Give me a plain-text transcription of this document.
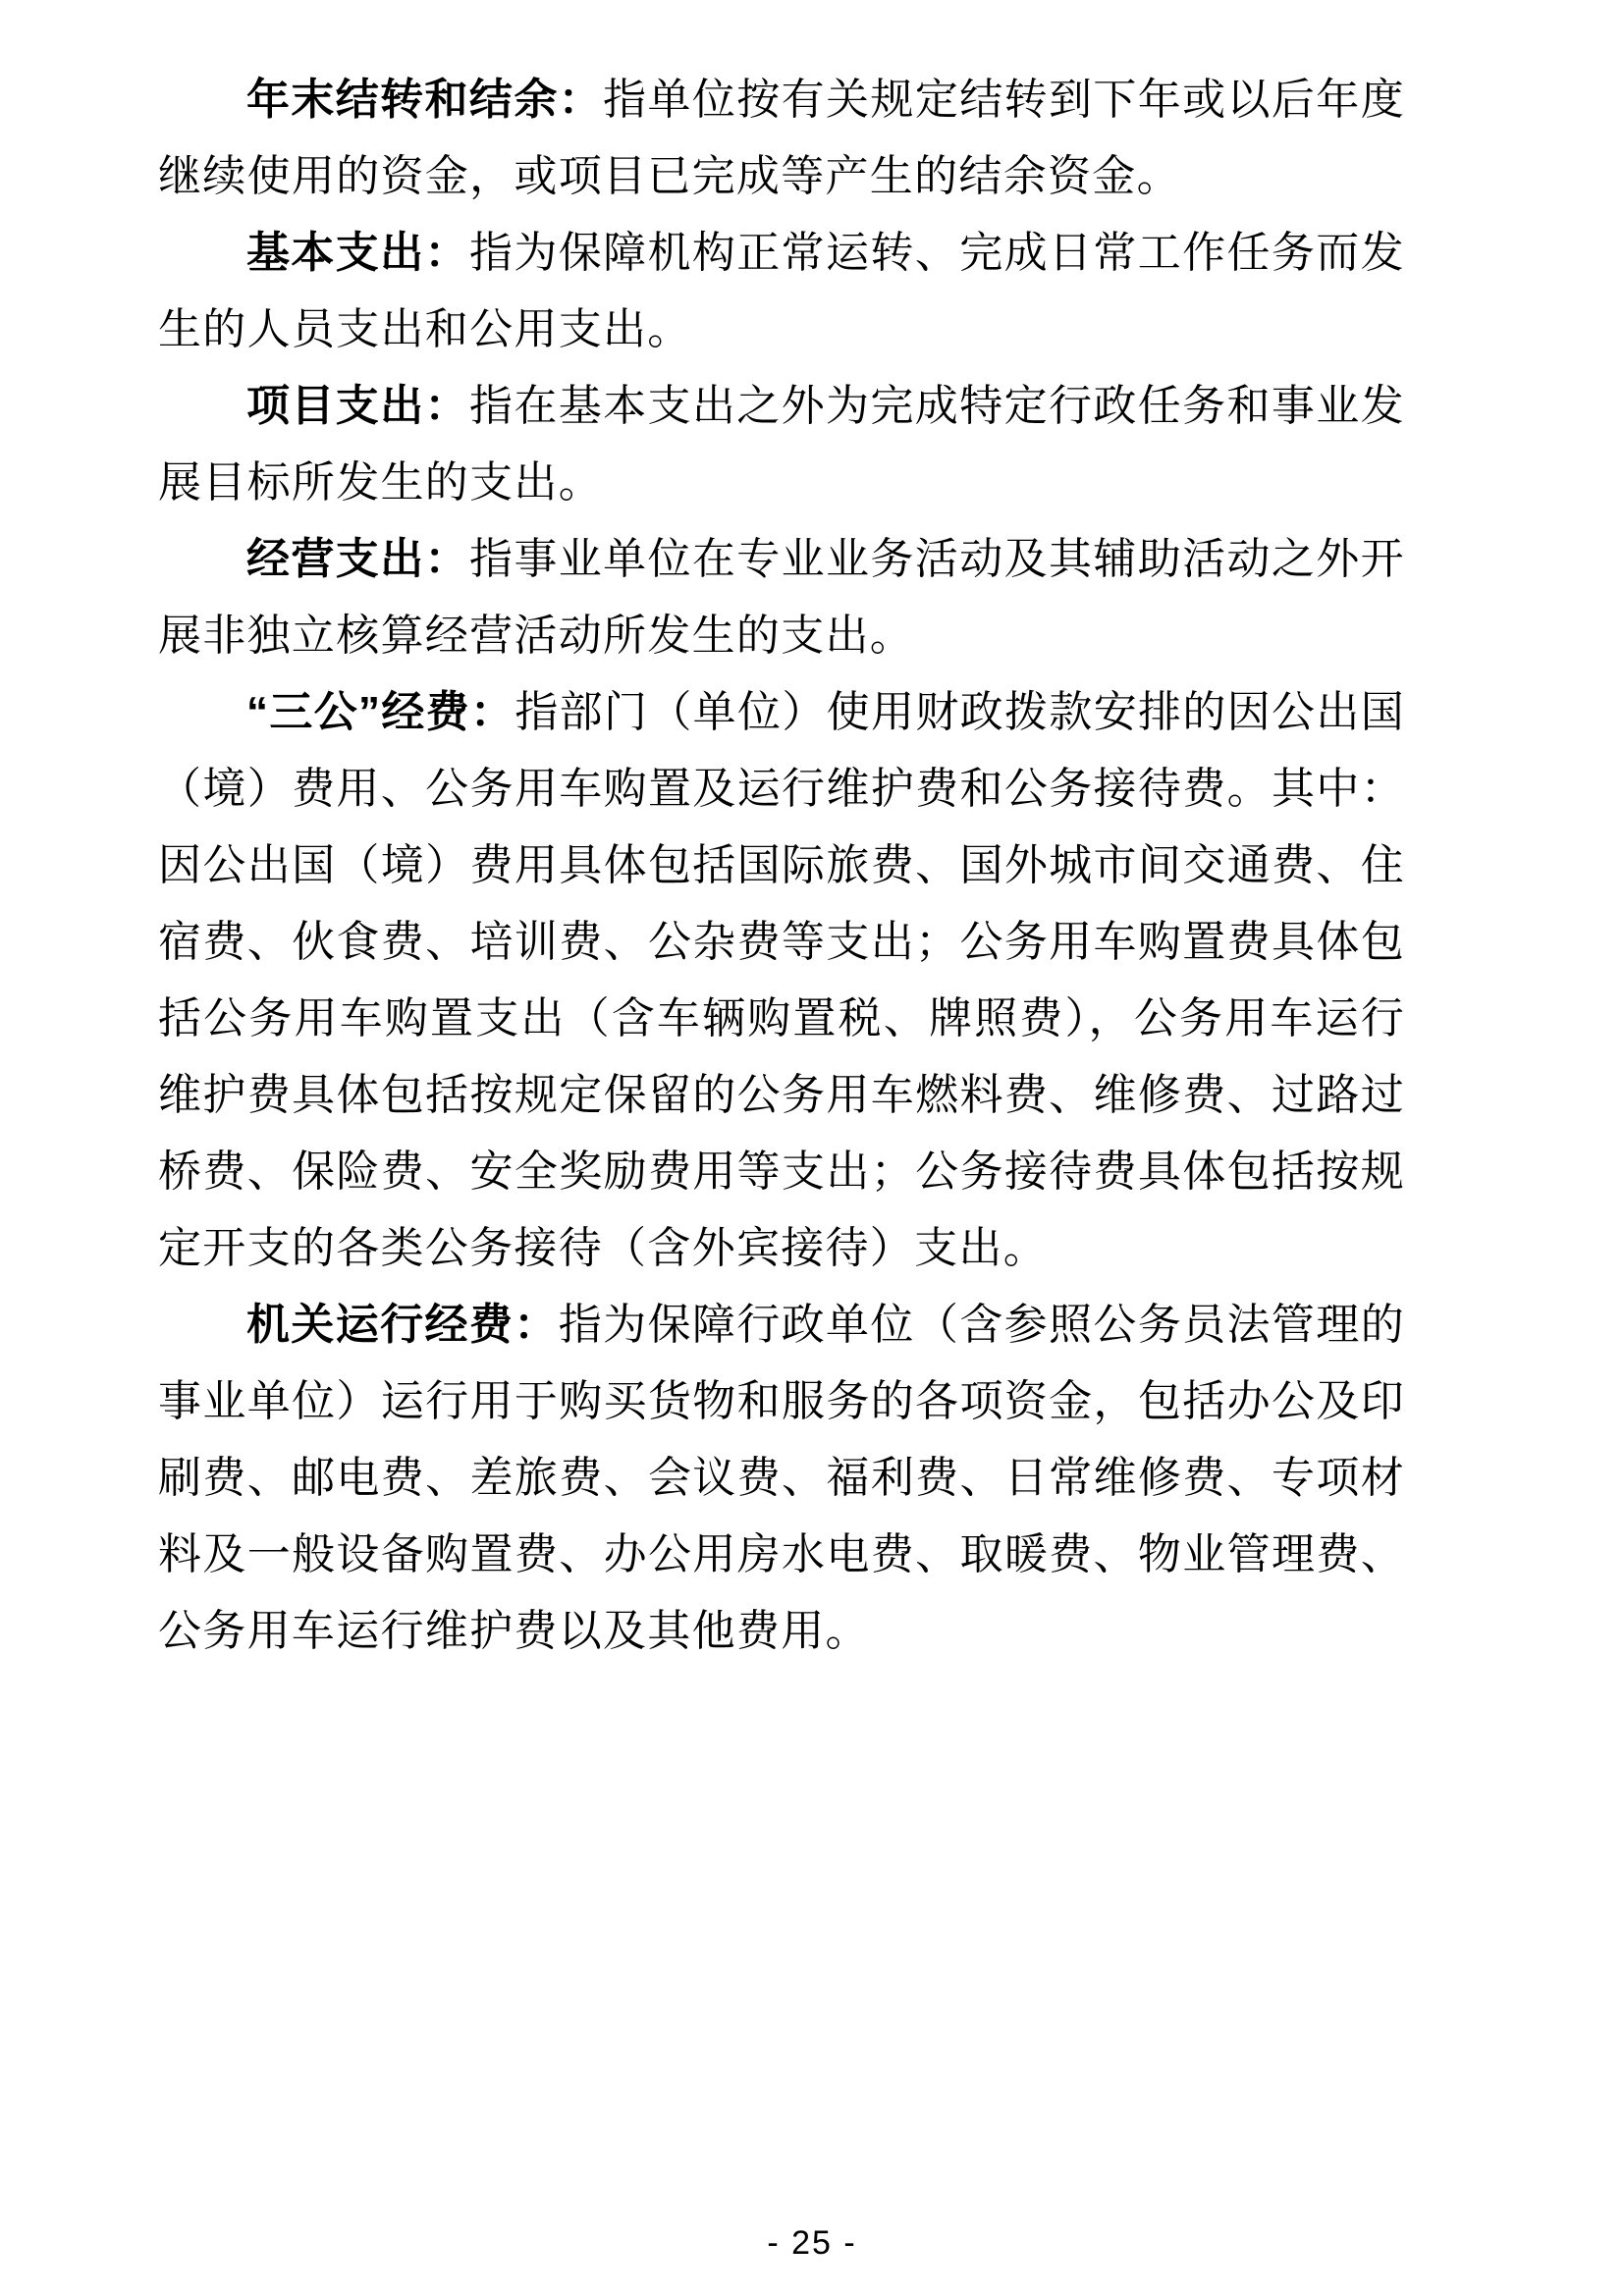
年末结转和结余：指单位按有关规定结转到下年或以后年度继续使用的资金，或项目已完成等产生的结余资金。

基本支出：指为保障机构正常运转、完成日常工作任务而发生的人员支出和公用支出。

项目支出：指在基本支出之外为完成特定行政任务和事业发展目标所发生的支出。

经营支出：指事业单位在专业业务活动及其辅助活动之外开展非独立核算经营活动所发生的支出。

“三公”经费：指部门（单位）使用财政拨款安排的因公出国（境）费用、公务用车购置及运行维护费和公务接待费。其中：因公出国（境）费用具体包括国际旅费、国外城市间交通费、住宿费、伙食费、培训费、公杂费等支出；公务用车购置费具体包括公务用车购置支出（含车辆购置税、牌照费），公务用车运行维护费具体包括按规定保留的公务用车燃料费、维修费、过路过桥费、保险费、安全奖励费用等支出；公务接待费具体包括按规定开支的各类公务接待（含外宾接待）支出。

机关运行经费：指为保障行政单位（含参照公务员法管理的事业单位）运行用于购买货物和服务的各项资金，包括办公及印刷费、邮电费、差旅费、会议费、福利费、日常维修费、专项材料及一般设备购置费、办公用房水电费、取暖费、物业管理费、公务用车运行维护费以及其他费用。

- 25 -
